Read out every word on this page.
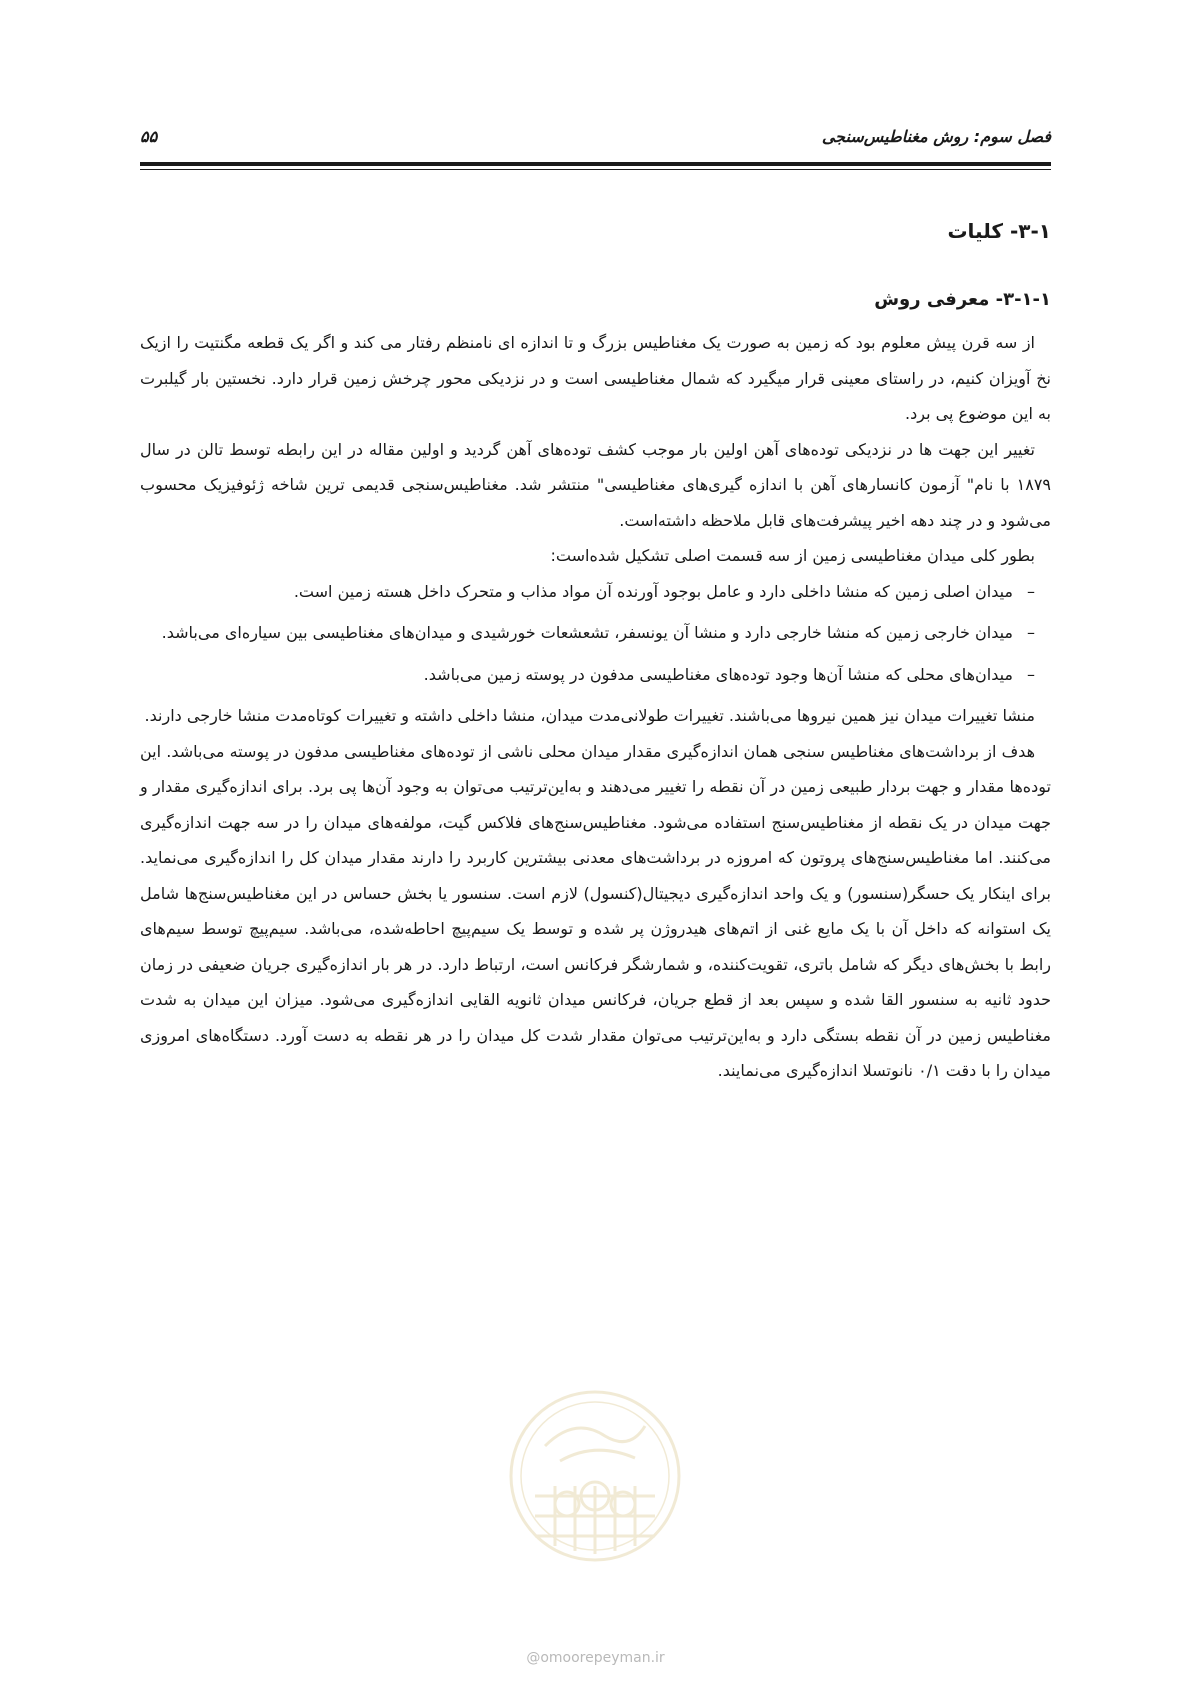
فصل سوم: روش مغناطیس‌سنجی
۵۵
۳-۱- کلیات
۳-۱-۱- معرفی روش

از سه قرن پیش معلوم بود که زمین به صورت یک مغناطیس بزرگ و تا اندازه ای نامنظم رفتار می کند و اگر یک قطعه مگنتیت را ازیک نخ آویزان کنیم، در راستای معینی قرار میگیرد که شمال مغناطیسی است و در نزدیکی محور چرخش زمین قرار دارد. نخستین بار گیلبرت به این موضوع پی برد.

تغییر این جهت ها در نزدیکی توده‌های آهن اولین بار موجب کشف توده‌های آهن گردید و اولین مقاله در این رابطه توسط تالن در سال ۱۸۷۹ با نام" آزمون کانسارهای آهن با اندازه گیری‌های مغناطیسی" منتشر شد. مغناطیس‌سنجی قدیمی ترین شاخه ژئوفیزیک محسوب می‌شود و در چند دهه اخیر پیشرفت‌های قابل ملاحظه داشته‌است.

بطور کلی میدان مغناطیسی زمین از سه قسمت اصلی تشکیل شده‌است:

–
میدان اصلی زمین که منشا داخلی دارد و عامل بوجود آورنده آن مواد مذاب و متحرک داخل هسته زمین است.
–
میدان خارجی زمین که منشا خارجی دارد و منشا آن یونسفر، تشعشعات خورشیدی و میدان‌های مغناطیسی بین سیاره‌ای می‌باشد.
–
میدان‌های محلی که منشا آن‌ها وجود توده‌های مغناطیسی مدفون در پوسته زمین می‌باشد.

منشا تغییرات میدان نیز همین نیروها می‌باشند. تغییرات طولانی‌مدت میدان، منشا داخلی داشته و تغییرات کوتاه‌مدت منشا خارجی دارند.

هدف از برداشت‌های مغناطیس سنجی همان اندازه‌گیری مقدار میدان محلی ناشی از توده‌های مغناطیسی مدفون در پوسته می‌باشد. این توده‌ها مقدار و جهت بردار طبیعی زمین در آن نقطه را تغییر می‌دهند و به‌این‌ترتیب می‌توان به وجود آن‌ها پی برد. برای اندازه‌گیری مقدار و جهت میدان در یک نقطه از مغناطیس‌سنج استفاده می‌شود. مغناطیس‌سنج‌های فلاکس گیت، مولفه‌های میدان را در سه جهت اندازه‌گیری می‌کنند. اما مغناطیس‌سنج‌های پروتون که امروزه در برداشت‌های معدنی بیشترین کاربرد را دارند مقدار میدان کل را اندازه‌گیری می‌نماید. برای اینکار یک حسگر(سنسور) و یک واحد اندازه‌گیری دیجیتال(کنسول) لازم است. سنسور یا بخش حساس در این مغناطیس‌سنج‌ها شامل یک استوانه که داخل آن با یک مایع غنی از اتم‌های هیدروژن پر شده و توسط یک سیم‌پیچ احاطه‌شده، می‌باشد. سیم‌پیچ توسط سیم‌های رابط با بخش‌های دیگر که شامل باتری، تقویت‌کننده، و شمارشگر فرکانس است، ارتباط دارد. در هر بار اندازه‌گیری جریان ضعیفی در زمان حدود ثانیه به سنسور القا شده و سپس بعد از قطع جریان، فرکانس میدان ثانویه القایی اندازه‌گیری می‌شود. میزان این میدان به شدت مغناطیس زمین در آن نقطه بستگی دارد و به‌این‌ترتیب می‌توان مقدار شدت کل میدان را در هر نقطه به دست آورد. دستگاه‌های امروزی میدان را با دقت ۰/۱ نانوتسلا اندازه‌گیری می‌نمایند.

@omoorepeyman.ir
